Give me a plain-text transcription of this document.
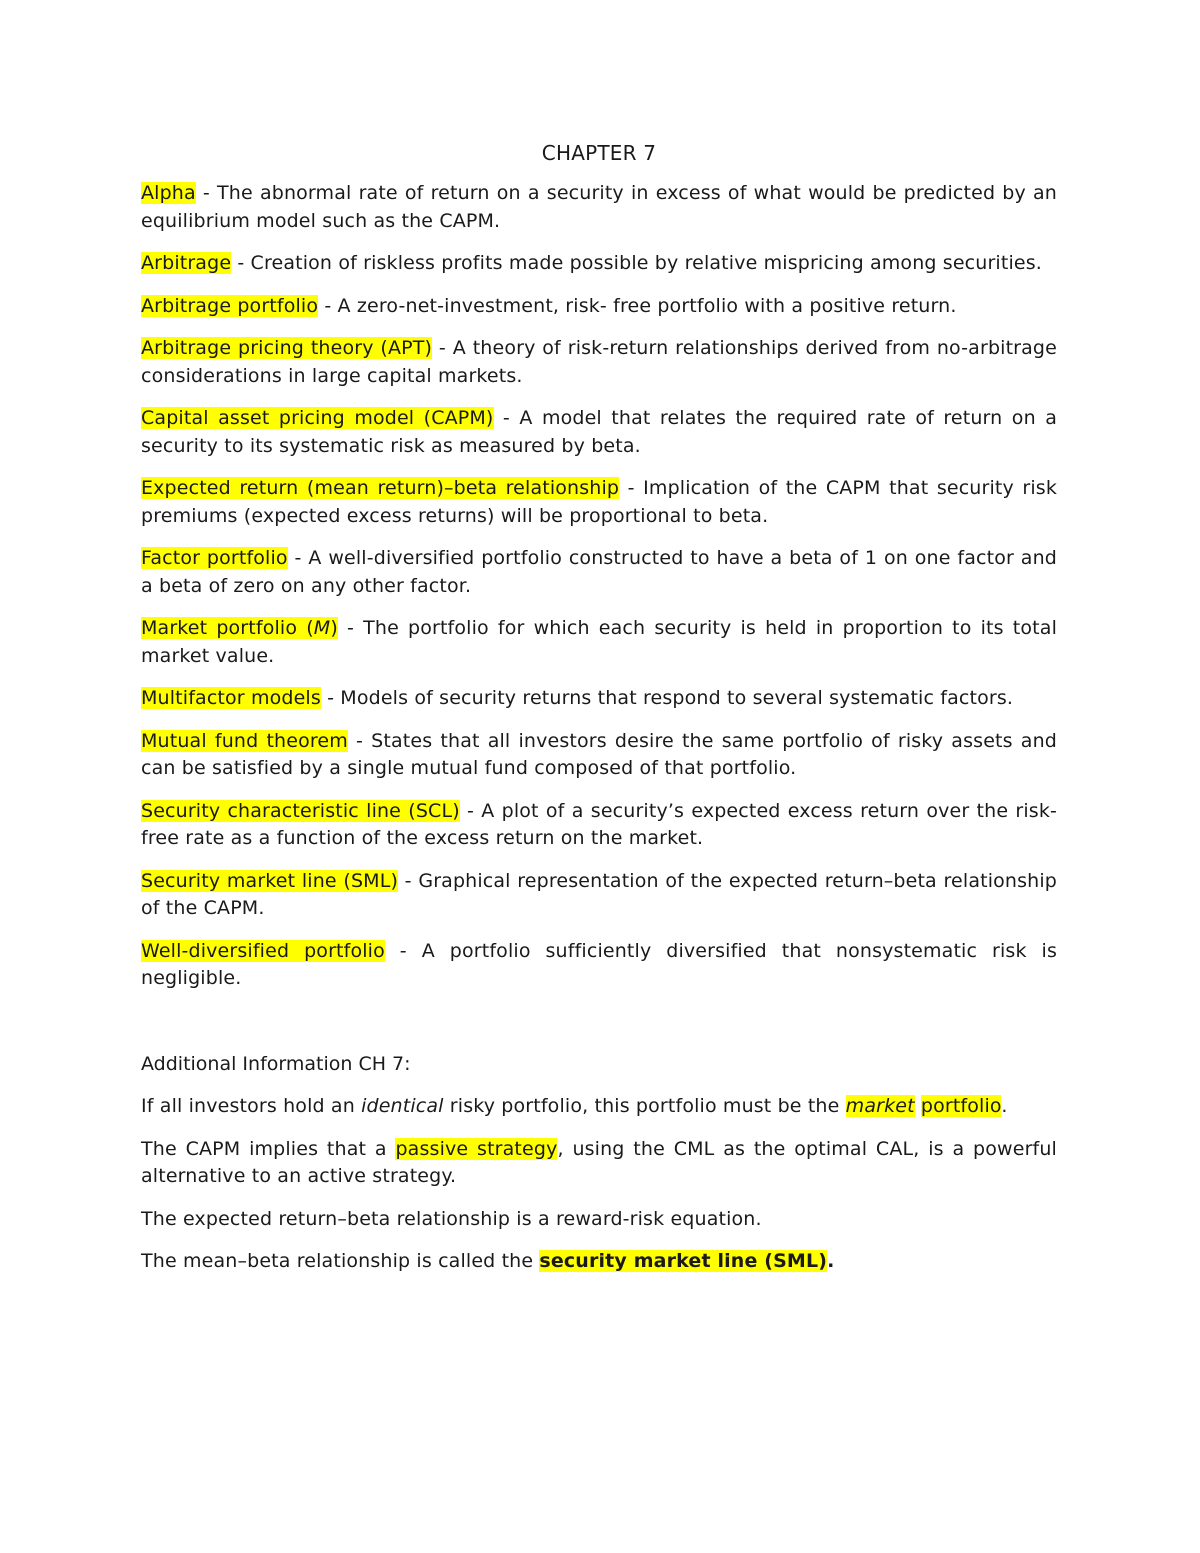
CHAPTER 7
Alpha - The abnormal rate of return on a security in excess of what would be predicted by an equilibrium model such as the CAPM.
Arbitrage - Creation of riskless profits made possible by relative mispricing among securities.
Arbitrage portfolio - A zero-net-investment, risk- free portfolio with a positive return.
Arbitrage pricing theory (APT) - A theory of risk-return relationships derived from no-arbitrage considerations in large capital markets.
Capital asset pricing model (CAPM) - A model that relates the required rate of return on a security to its systematic risk as measured by beta.
Expected return (mean return)–beta relationship - Implication of the CAPM that security risk premiums (expected excess returns) will be proportional to beta.
Factor portfolio - A well-diversified portfolio constructed to have a beta of 1 on one factor and a beta of zero on any other factor.
Market portfolio (M) - The portfolio for which each security is held in proportion to its total market value.
Multifactor models - Models of security returns that respond to several systematic factors.
Mutual fund theorem - States that all investors desire the same portfolio of risky assets and can be satisfied by a single mutual fund composed of that portfolio.
Security characteristic line (SCL) - A plot of a security’s expected excess return over the risk- free rate as a function of the excess return on the market.
Security market line (SML) - Graphical representation of the expected return–beta relationship of the CAPM.
Well-diversified portfolio - A portfolio sufficiently diversified that nonsystematic risk is negligible.
Additional Information CH 7:
If all investors hold an identical risky portfolio, this portfolio must be the market portfolio.
The CAPM implies that a passive strategy, using the CML as the optimal CAL, is a powerful alternative to an active strategy.
The expected return–beta relationship is a reward-risk equation.
The mean–beta relationship is called the security market line (SML).
